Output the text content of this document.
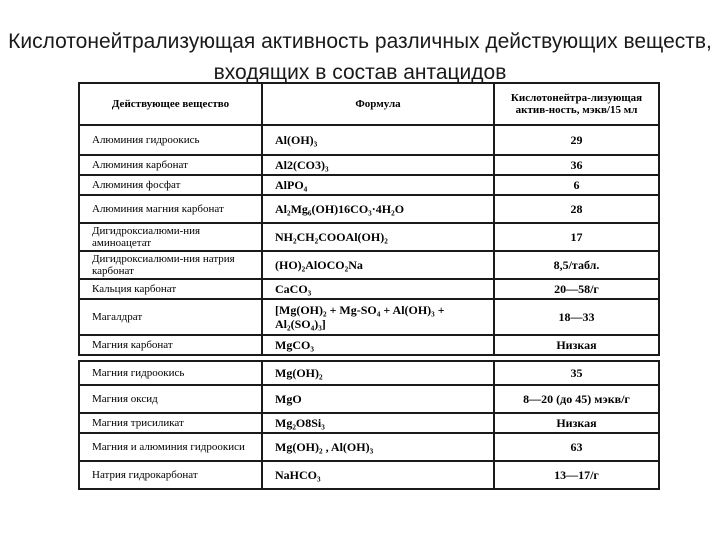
Кислотонейтрализующая активность различных действующих веществ, входящих в состав антацидов
Действующее вещество	Формула	Кислотонейтра-лизующая актив-ность, мэкв/15 мл
Алюминия гидроокись	Al(OH)₃	29
Алюминия карбонат	Al2(CO3)₃	36
Алюминия фосфат	AlPO₄	6
Алюминия магния карбонат	Al₂Mg₆(OH)16CO₃·4H₂O	28
Дигидроксиалюми-ния аминоацетат	NH₂CH₂COOAl(OH)₂	17
Дигидроксиалюми-ния натрия карбонат	(HO)₂AlOCO₂Na	8,5/табл.
Кальция карбонат	CaCO₃	20—58/г
Магалдрат	[Mg(OH)₂ + Mg-SO₄ + Al(OH)₃ + Al₂(SO₄)₃]	18—33
Магния карбонат	MgCO₃	Низкая

Магния гидроокись	Mg(OH)₂	35
Магния оксид	MgO	8—20 (до 45) мэкв/г
Магния трисиликат	Mg₂O8Si₃	Низкая
Магния и алюминия гидроокиси	Mg(OH)₂ , Al(OH)₃	63
Натрия гидрокарбонат	NaHCO₃	13—17/г
